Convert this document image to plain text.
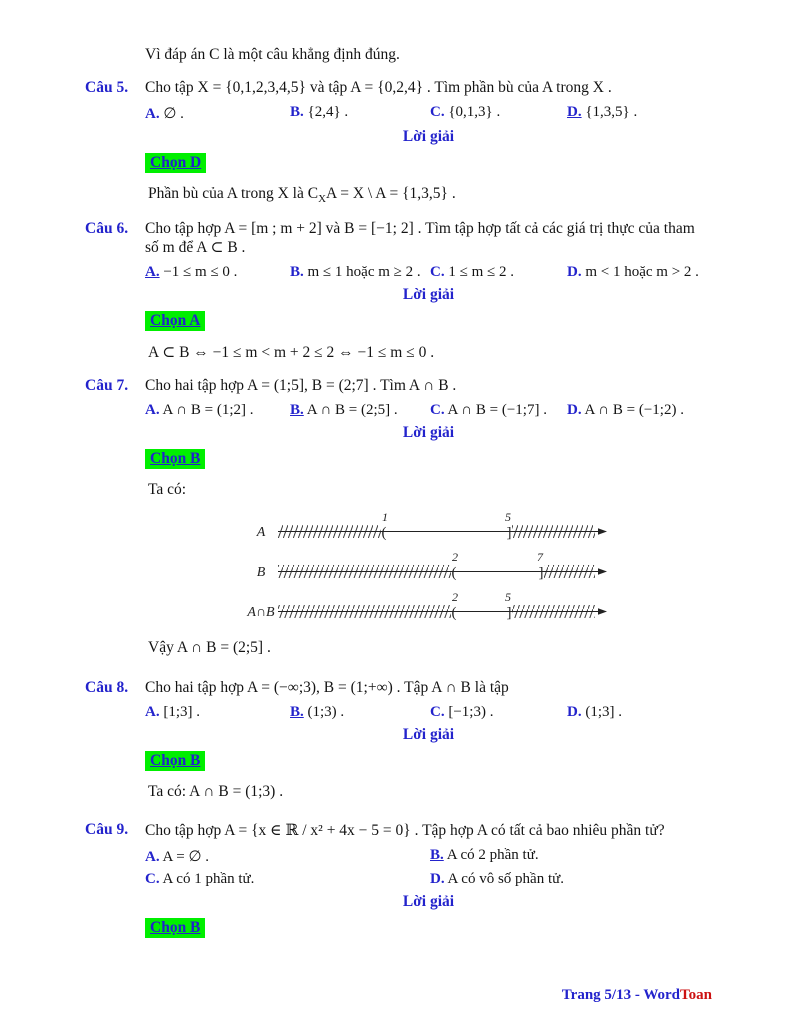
Vì đáp án C là một câu khẳng định đúng.
Câu 5.	Cho tập X = {0,1,2,3,4,5} và tập A = {0,2,4} . Tìm phần bù của A trong X .
A. ∅ .	B. {2,4} .	C. {0,1,3} .	D. {1,3,5} .
Lời giải
Chọn D
Phần bù của A trong X là $C_XA = X$ \ A = {1,3,5} .
Câu 6.	Cho tập hợp A = [m ; m + 2] và B = [−1; 2] . Tìm tập hợp tất cả các giá trị thực của tham số m để A ⊂ B .
A. −1 ≤ m ≤ 0 .	B. m ≤ 1 hoặc m ≥ 2 . C. 1 ≤ m ≤ 2 .	D. m < 1 hoặc m > 2 .
Lời giải
Chọn A
A ⊂ B ⇔ −1 ≤ m < m + 2 ≤ 2 ⇔ −1 ≤ m ≤ 0 .
Câu 7.	Cho hai tập hợp A = (1;5], B = (2;7] . Tìm A ∩ B .
A. A ∩ B = (1;2] .	B. A ∩ B = (2;5] .	C. A ∩ B = (−1;7] .	D. A ∩ B = (−1;2) .
Lời giải
Chọn B
Ta có:
A
1	5
(	]
B
2	7
(	]
A∩B
2	5
(	]
Vậy A ∩ B = (2;5] .
Câu 8.	Cho hai tập hợp A = (−∞;3), B = (1;+∞) . Tập A ∩ B là tập
A. [1;3] .	B. (1;3) .	C. [−1;3) .	D. (1;3] .
Lời giải
Chọn B
Ta có: A ∩ B = (1;3) .
Câu 9.	Cho tập hợp A = {x ∈ ℝ / x² + 4x − 5 = 0} . Tập hợp A có tất cả bao nhiêu phần tử?
A. A = ∅ .	B. A có 2 phần tử.
C. A có 1 phần tử.	D. A có vô số phần tử.
Lời giải
Chọn B
Trang 5/13 - WordToan
